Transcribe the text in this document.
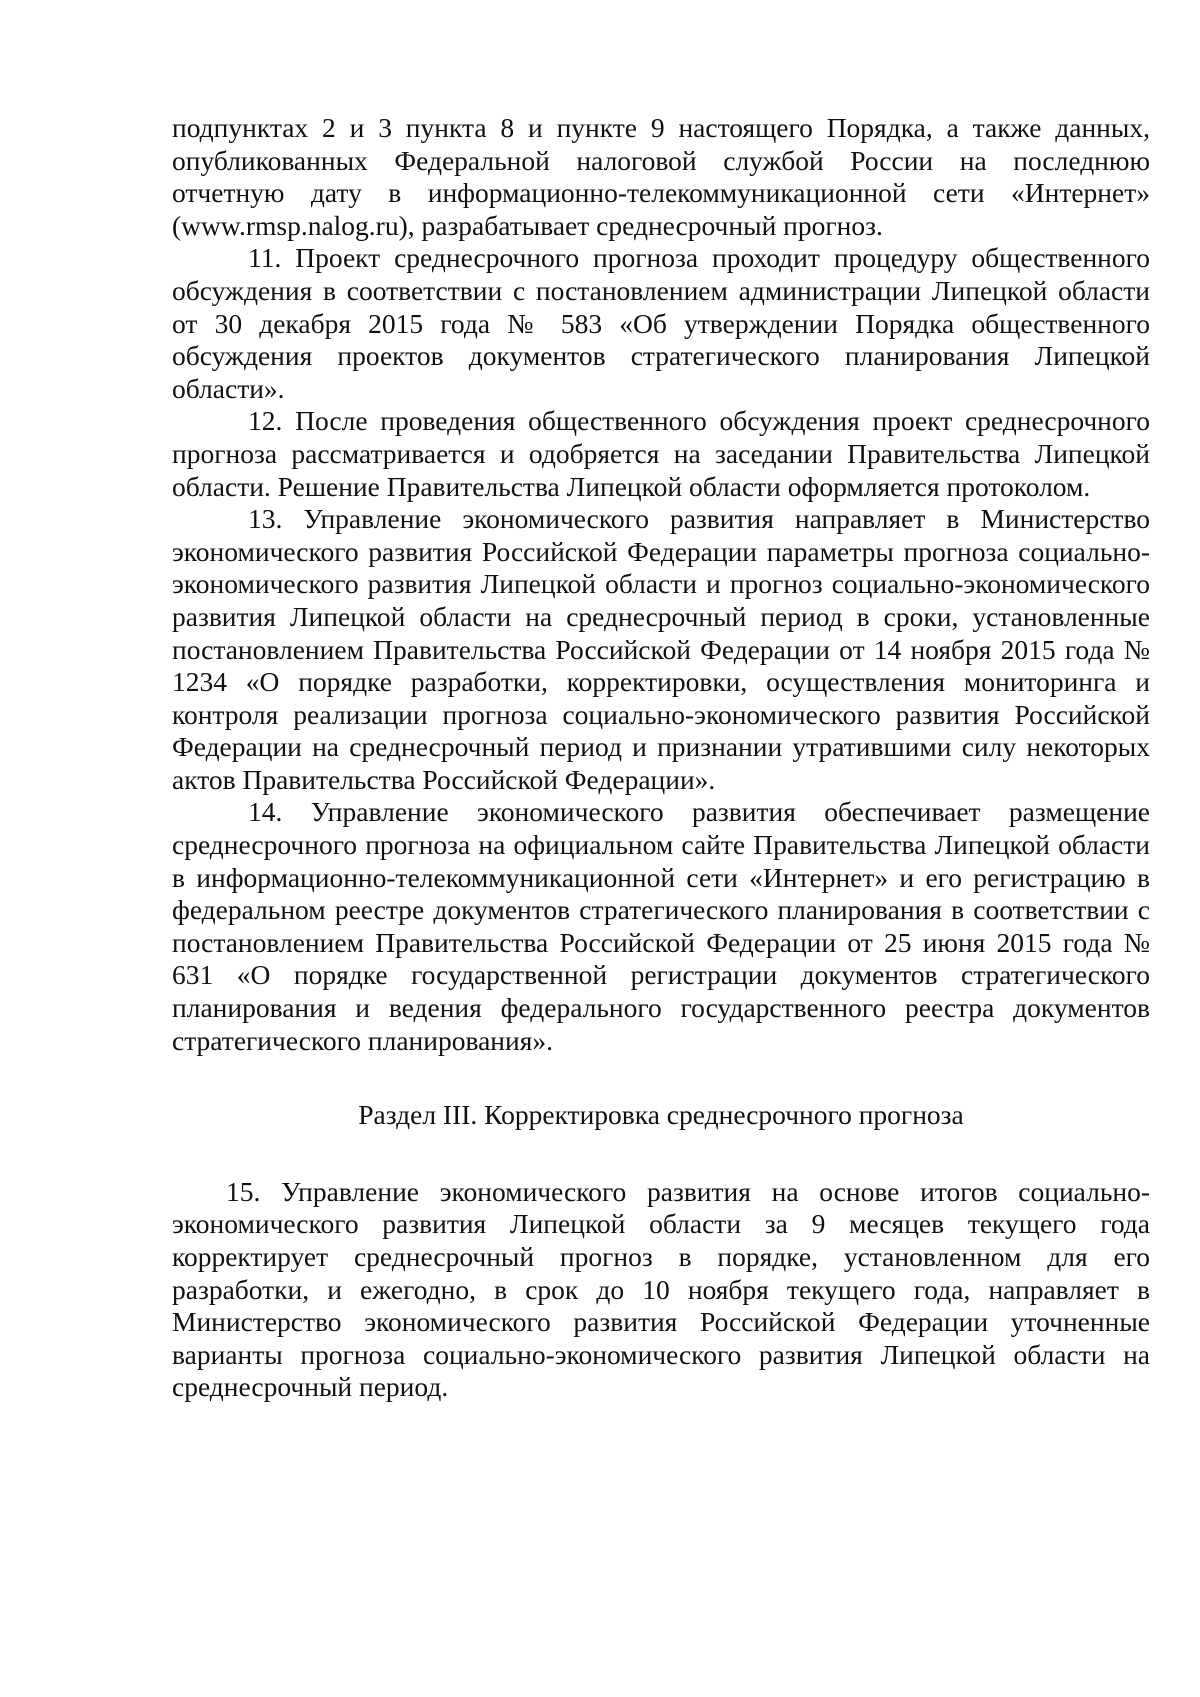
подпунктах 2 и 3 пункта 8 и пункте 9 настоящего Порядка, а также данных, опубликованных Федеральной налоговой службой России на последнюю отчетную дату в информационно-телекоммуникационной сети «Интернет» (www.rmsp.nalog.ru), разрабатывает среднесрочный прогноз.

11. Проект среднесрочного прогноза проходит процедуру общественного обсуждения в соответствии с постановлением администрации Липецкой области от 30 декабря 2015 года № 583 «Об утверждении Порядка общественного обсуждения проектов документов стратегического планирования Липецкой области».

12. После проведения общественного обсуждения проект среднесрочного прогноза рассматривается и одобряется на заседании Правительства Липецкой области. Решение Правительства Липецкой области оформляется протоколом.

13. Управление экономического развития направляет в Министерство экономического развития Российской Федерации параметры прогноза социально-экономического развития Липецкой области и прогноз социально-экономического развития Липецкой области на среднесрочный период в сроки, установленные постановлением Правительства Российской Федерации от 14 ноября 2015 года № 1234 «О порядке разработки, корректировки, осуществления мониторинга и контроля реализации прогноза социально-экономического развития Российской Федерации на среднесрочный период и признании утратившими силу некоторых актов Правительства Российской Федерации».

14. Управление экономического развития обеспечивает размещение среднесрочного прогноза на официальном сайте Правительства Липецкой области в информационно-телекоммуникационной сети «Интернет» и его регистрацию в федеральном реестре документов стратегического планирования в соответствии с постановлением Правительства Российской Федерации от 25 июня 2015 года № 631 «О порядке государственной регистрации документов стратегического планирования и ведения федерального государственного реестра документов стратегического планирования».

Раздел III. Корректировка среднесрочного прогноза

15. Управление экономического развития на основе итогов социально-экономического развития Липецкой области за 9 месяцев текущего года корректирует среднесрочный прогноз в порядке, установленном для его разработки, и ежегодно, в срок до 10 ноября текущего года, направляет в Министерство экономического развития Российской Федерации уточненные варианты прогноза социально-экономического развития Липецкой области на среднесрочный период.
